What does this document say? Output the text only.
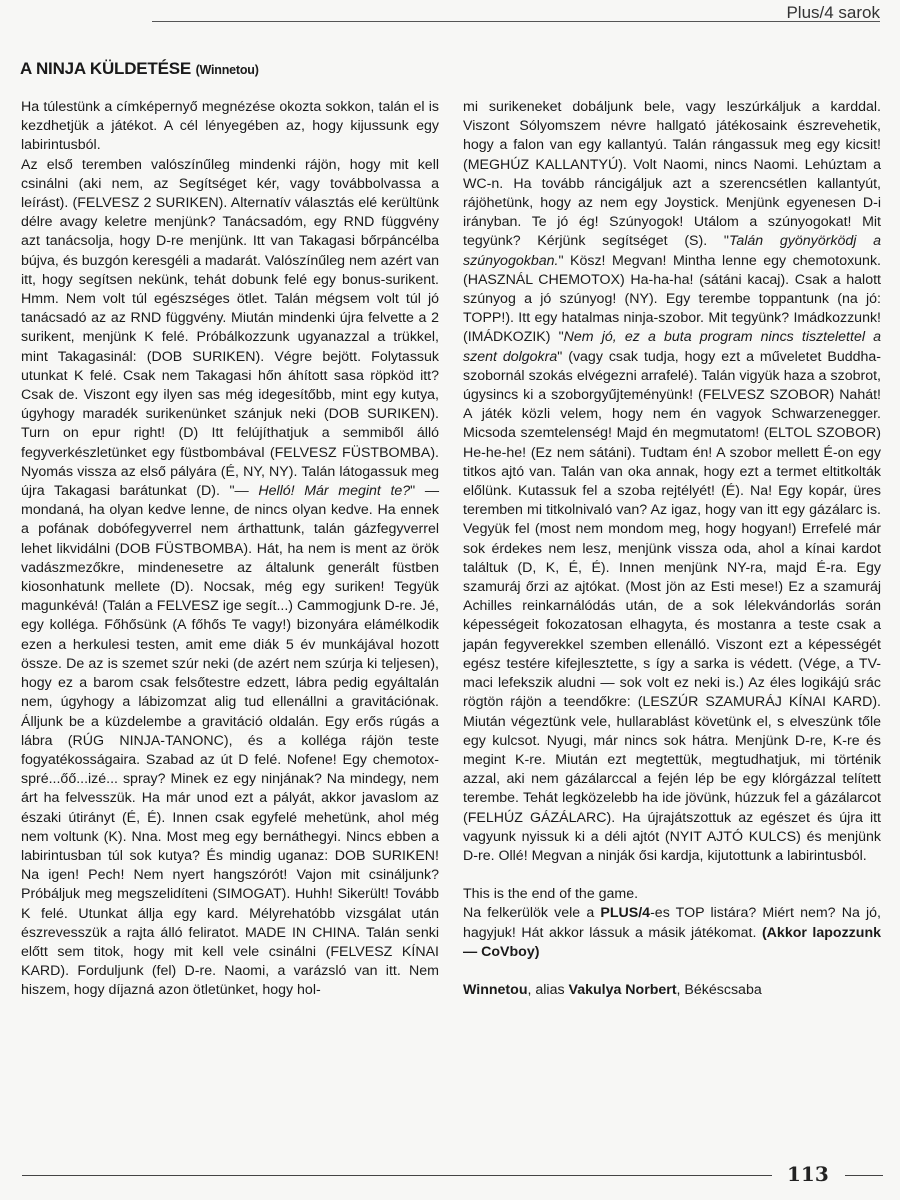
Plus/4 sarok
A NINJA KÜLDETÉSE (Winnetou)

Ha túlestünk a címképernyő megnézése okozta sokkon, talán el is kezdhetjük a játékot. A cél lényegében az, hogy kijussunk egy labirintusból.

Az első teremben valószínűleg mindenki rájön, hogy mit kell csinálni (aki nem, az Segítséget kér, vagy továbbolvassa a leírást). (FELVESZ 2 SURIKEN). Alternatív választás elé kerültünk délre avagy keletre menjünk? Tanácsadóm, egy RND függvény azt tanácsolja, hogy D-re menjünk. Itt van Takagasi bőrpáncélba bújva, és buzgón keresgéli a madarát. Valószínűleg nem azért van itt, hogy segítsen nekünk, tehát dobunk felé egy bonus-surikent. Hmm. Nem volt túl egészséges ötlet. Talán mégsem volt túl jó tanácsadó az az RND függvény. Miután mindenki újra felvette a 2 surikent, menjünk K felé. Próbálkozzunk ugyanazzal a trükkel, mint Takagasinál: (DOB SURIKEN). Végre bejött. Folytassuk utunkat K felé. Csak nem Takagasi hőn áhított sasa röpköd itt? Csak de. Viszont egy ilyen sas még idegesítőbb, mint egy kutya, úgyhogy maradék surikenünket szánjuk neki (DOB SURIKEN). Turn on epur right! (D) Itt felújíthatjuk a semmiből álló fegyverkészletünket egy füstbombával (FELVESZ FÜSTBOMBA). Nyomás vissza az első pályára (É, NY, NY). Talán látogassuk meg újra Takagasi barátunkat (D). "— Helló! Már megint te?" — mondaná, ha olyan kedve lenne, de nincs olyan kedve. Ha ennek a pofának dobófegyverrel nem árthattunk, talán gázfegyverrel lehet likvidálni (DOB FÜSTBOMBA). Hát, ha nem is ment az örök vadászmezőkre, mindenesetre az általunk generált füstben kiosonhatunk mellete (D). Nocsak, még egy suriken! Tegyük magunkévá! (Talán a FELVESZ ige segít...) Cammogjunk D-re. Jé, egy kolléga. Főhősünk (A főhős Te vagy!) bizonyára elámélkodik ezen a herkulesi testen, amit eme diák 5 év munkájával hozott össze. De az is szemet szúr neki (de azért nem szúrja ki teljesen), hogy ez a barom csak felsőtestre edzett, lábra pedig egyáltalán nem, úgyhogy a lábizomzat alig tud ellenállni a gravitációnak. Álljunk be a küzdelembe a gravitáció oldalán. Egy erős rúgás a lábra (RÚG NINJA-TANONC), és a kolléga rájön teste fogyatékosságaira. Szabad az út D felé. Nofene! Egy chemotox-spré...őő...izé... spray? Minek ez egy ninjának? Na mindegy, nem árt ha felvesszük. Ha már unod ezt a pályát, akkor javaslom az északi útirányt (É, É). Innen csak egyfelé mehetünk, ahol még nem voltunk (K). Nna. Most meg egy bernáthegyi. Nincs ebben a labirintusban túl sok kutya? És mindig uganaz: DOB SURIKEN! Na igen! Pech! Nem nyert hangszórót! Vajon mit csináljunk? Próbáljuk meg megszelidíteni (SIMOGAT). Huhh! Sikerült! Tovább K felé. Utunkat állja egy kard. Mélyrehatóbb vizsgálat után észrevesszük a rajta álló feliratot. MADE IN CHINA. Talán senki előtt sem titok, hogy mit kell vele csinálni (FELVESZ KÍNAI KARD). Forduljunk (fel) D-re. Naomi, a varázsló van itt. Nem hiszem, hogy díjazná azon ötletünket, hogy hol-

mi surikeneket dobáljunk bele, vagy leszúrkáljuk a karddal. Viszont Sólyomszem névre hallgató játékosaink észrevehetik, hogy a falon van egy kallantyú. Talán rángassuk meg egy kicsit! (MEGHÚZ KALLANTYÚ). Volt Naomi, nincs Naomi. Lehúztam a WC-n. Ha tovább ráncigáljuk azt a szerencsétlen kallantyút, rájöhetünk, hogy az nem egy Joystick. Menjünk egyenesen D-i irányban. Te jó ég! Szúnyogok! Utálom a szúnyogokat! Mit tegyünk? Kérjünk segítséget (S). "Talán gyönyörködj a szúnyogokban." Kösz! Megvan! Mintha lenne egy chemotoxunk. (HASZNÁL CHEMOTOX) Ha-ha-ha! (sátáni kacaj). Csak a halott szúnyog a jó szúnyog! (NY). Egy terembe toppantunk (na jó: TOPP!). Itt egy hatalmas ninja-szobor. Mit tegyünk? Imádkozzunk! (IMÁDKOZIK) "Nem jó, ez a buta program nincs tisztelettel a szent dolgokra" (vagy csak tudja, hogy ezt a műveletet Buddha-szobornál szokás elvégezni arrafelé). Talán vigyük haza a szobrot, úgysincs ki a szoborgyűjteményünk! (FELVESZ SZOBOR) Nahát! A játék közli velem, hogy nem én vagyok Schwarzenegger. Micsoda szemtelenség! Majd én megmutatom! (ELTOL SZOBOR) He-he-he! (Ez nem sátáni). Tudtam én! A szobor mellett É-on egy titkos ajtó van. Talán van oka annak, hogy ezt a termet eltitkolták előlünk. Kutassuk fel a szoba rejtélyét! (É). Na! Egy kopár, üres teremben mi titkolnivaló van? Az igaz, hogy van itt egy gázálarc is. Vegyük fel (most nem mondom meg, hogy hogyan!) Errefelé már sok érdekes nem lesz, menjünk vissza oda, ahol a kínai kardot találtuk (D, K, É, É). Innen menjünk NY-ra, majd É-ra. Egy szamuráj őrzi az ajtókat. (Most jön az Esti mese!) Ez a szamuráj Achilles reinkarnálódás után, de a sok lélekvándorlás során képességeit fokozatosan elhagyta, és mostanra a teste csak a japán fegyverekkel szemben ellenálló. Viszont ezt a képességét egész testére kifejlesztette, s így a sarka is védett. (Vége, a TV-maci lefekszik aludni — sok volt ez neki is.) Az éles logikájú srác rögtön rájön a teendőkre: (LESZÚR SZAMURÁJ KÍNAI KARD). Miután végeztünk vele, hullarablást követünk el, s elveszünk tőle egy kulcsot. Nyugi, már nincs sok hátra. Menjünk D-re, K-re és megint K-re. Miután ezt megtettük, megtudhatjuk, mi történik azzal, aki nem gázálarccal a fején lép be egy klórgázzal telített terembe. Tehát legközelebb ha ide jövünk, húzzuk fel a gázálarcot (FELHÚZ GÁZÁLARC). Ha újrajátszottuk az egészet és újra itt vagyunk nyissuk ki a déli ajtót (NYIT AJTÓ KULCS) és menjünk D-re. Ollé! Megvan a ninják ősi kardja, kijutottunk a labirintusból.

This is the end of the game.

Na felkerülök vele a PLUS/4-es TOP listára? Miért nem? Na jó, hagyjuk! Hát akkor lássuk a másik játékomat. (Akkor lapozzunk — CoVboy)

Winnetou, alias Vakulya Norbert, Békéscsaba

113
